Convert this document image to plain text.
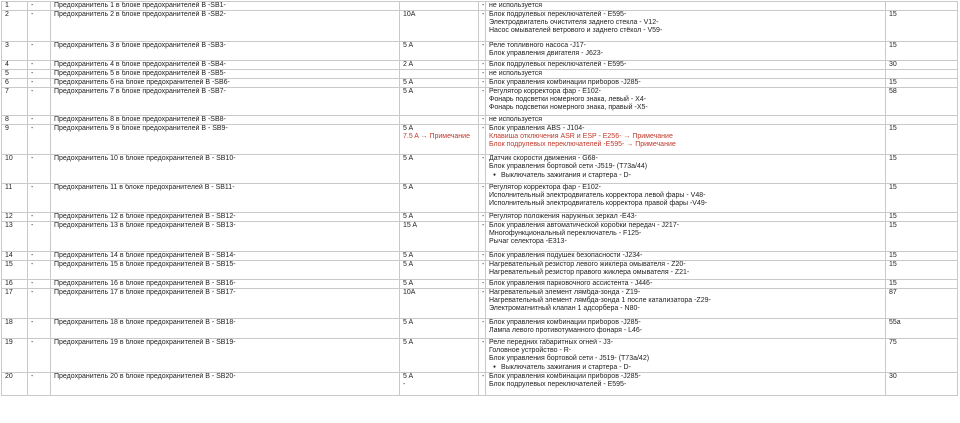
1	-	Предохранитель 1 в блоке предохранителей B -SB1-		-	не используется	

2	-	Предохранитель 2 в блоке предохранителей B -SB2-	10A	-	Блок подрулевых переключателей - E595-
Электродвигатель очистителя заднего стекла - V12-
Насос омывателей ветрового и заднего стёкол - V59-	15
3	-	Предохранитель 3 в блоке предохранителей B -SB3-	5 A	-	Реле топливного насоса -J17-
Блок управления двигателя - J623-	15
4	-	Предохранитель 4 в блоке предохранителей B -SB4-	2 A	-	Блок подрулевых переключателей - E595-	30
5	-	Предохранитель 5 в блоке предохранителей B -SB5-		-	не используется	

6	-	Предохранитель 6 на блоке предохранителей B -SB6-	5 A	-	Блок управления комбинации приборов -J285-	15
7	-	Предохранитель 7 в блоке предохранителей B -SB7-	5 A	-	Регулятор корректора фар - E102-
Фонарь подсветки номерного знака, левый - X4-
Фонарь подсветки номерного знака, правый -X5-	58
8	-	Предохранитель 8 в блоке предохранителей B -SB8-		-	не используется	

9	-	Предохранитель 9 в блоке предохранителей B - SB9-	5 A
7.5 A → Примечание	-	Блок управления ABS - J104-
Клавиша отключения ASR и ESP - E256- → Примечание
Блок подрулевых переключателей -E595- → Примечание	15
10	-	Предохранитель 10 в блоке предохранителей B - SB10-	5 A	-	Датчик скорости движения - G68-
Блок управления бортовой сети -J519- (T73a/44)
● Выключатель зажигания и стартера - D-	15
11	-	Предохранитель 11 в блоке предохранителей B - SB11-	5 A	-	Регулятор корректора фар - E102-
Исполнительный электродвигатель корректора левой фары - V48-
Исполнительный электродвигатель корректора правой фары -V49-	15
12	-	Предохранитель 12 в блоке предохранителей B - SB12-	5 A	-	Регулятор положения наружных зеркал -E43-	15
13	-	Предохранитель 13 в блоке предохранителей B - SB13-	15 A	-	Блок управления автоматической коробки передач - J217-
Многофункциональный переключатель - F125-
Рычаг селектора -E313-	15
14	-	Предохранитель 14 в блоке предохранителей B - SB14-	5 A	-	Блок управления подушек безопасности -J234-	15
15	-	Предохранитель 15 в блоке предохранителей B - SB15-	5 A	-	Нагревательный резистор левого жиклера омывателя - Z20-
Нагревательный резистор правого жиклера омывателя - Z21-	15
16	-	Предохранитель 16 в блоке предохранителей B - SB16-	5 A	-	Блок управления парковочного ассистента - J446-	15
17	-	Предохранитель 17 в блоке предохранителей B - SB17-	10A	-	Нагревательный элемент лямбда-зонда - Z19-
Нагревательный элемент лямбда-зонда 1 после катализатора -Z29-
Электромагнитный клапан 1 адсорбера - N80-	87
18	-	Предохранитель 18 в блоке предохранителей B - SB18-	5 A	-	Блок управления комбинации приборов -J285-
Лампа левого противотуманного фонаря - L46-	55a
19	-	Предохранитель 19 в блоке предохранителей B - SB19-	5 A	-	Реле передних габаритных огней - J3-
Головное устройство - R-
Блок управления бортовой сети - J519- (T73a/42)
● Выключатель зажигания и стартера - D-	75
20	-	Предохранитель 20 в блоке предохранителей B - SB20-	5 A
-	-	Блок управления комбинации приборов -J285-
Блок подрулевых переключателей - E595-	30
